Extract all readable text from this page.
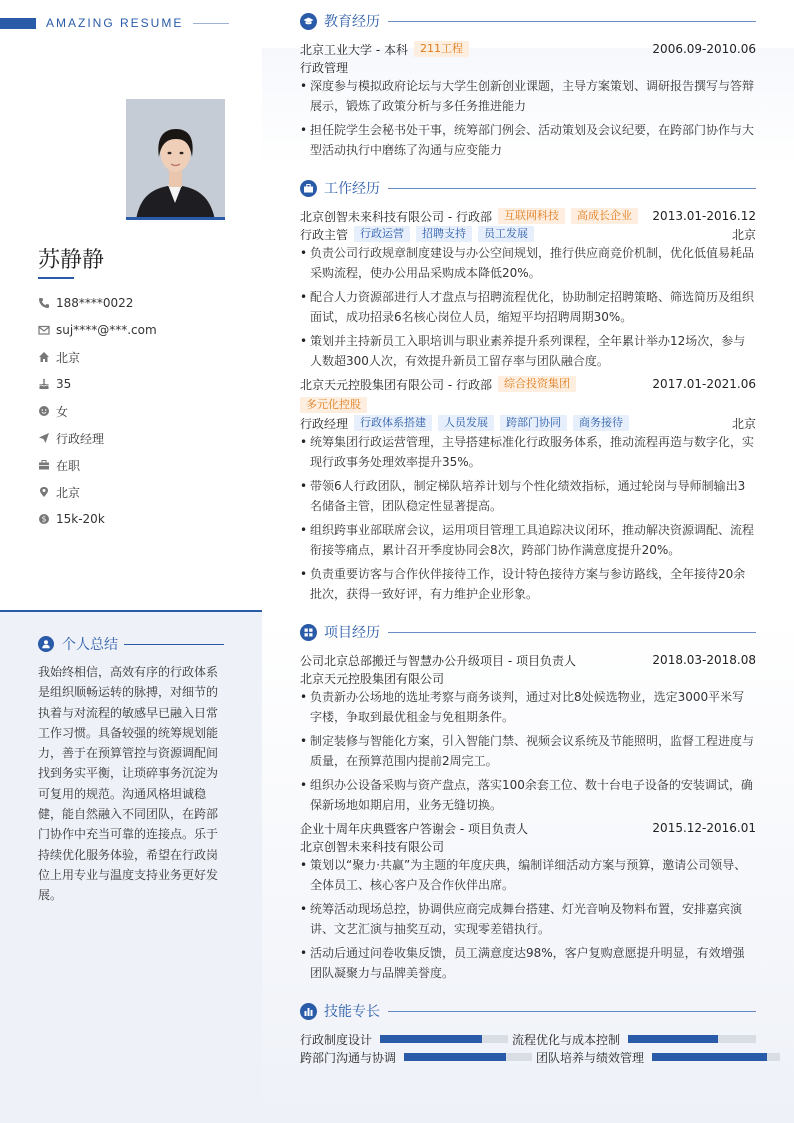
AMAZING RESUME
苏静静
188****0022
suj****@***.com
北京
35
女
行政经理
在职
北京
$ 15k-20k
个人总结
我始终相信，高效有序的行政体系是组织顺畅运转的脉搏，对细节的执着与对流程的敏感早已融入日常工作习惯。具备较强的统筹规划能力，善于在预算管控与资源调配间找到务实平衡，让琐碎事务沉淀为可复用的规范。沟通风格坦诚稳健，能自然融入不同团队，在跨部门协作中充当可靠的连接点。乐于持续优化服务体验，希望在行政岗位上用专业与温度支持业务更好发展。
教育经历
北京工业大学 - 本科	211工程	2006.09-2010.06
行政管理
• 深度参与模拟政府论坛与大学生创新创业课题，主导方案策划、调研报告撰写与答辩展示，锻炼了政策分析与多任务推进能力
• 担任院学生会秘书处干事，统筹部门例会、活动策划及会议纪要，在跨部门协作与大型活动执行中磨练了沟通与应变能力
工作经历
北京创智未来科技有限公司 - 行政部	互联网科技	高成长企业	2013.01-2016.12
行政主管	行政运营	招聘支持	员工发展	北京
• 负责公司行政规章制度建设与办公空间规划，推行供应商竞价机制，优化低值易耗品采购流程，使办公用品采购成本降低20%。
• 配合人力资源部进行人才盘点与招聘流程优化，协助制定招聘策略、筛选简历及组织面试，成功招录6名核心岗位人员，缩短平均招聘周期30%。
• 策划并主持新员工入职培训与职业素养提升系列课程，全年累计举办12场次，参与人数超300人次，有效提升新员工留存率与团队融合度。
北京天元控股集团有限公司 - 行政部	综合投资集团	2017.01-2021.06
多元化控股
行政经理	行政体系搭建	人员发展	跨部门协同	商务接待	北京
• 统筹集团行政运营管理，主导搭建标准化行政服务体系，推动流程再造与数字化，实现行政事务处理效率提升35%。
• 带领6人行政团队，制定梯队培养计划与个性化绩效指标，通过轮岗与导师制输出3名储备主管，团队稳定性显著提高。
• 组织跨事业部联席会议，运用项目管理工具追踪决议闭环，推动解决资源调配、流程衔接等痛点，累计召开季度协同会8次，跨部门协作满意度提升20%。
• 负责重要访客与合作伙伴接待工作，设计特色接待方案与参访路线，全年接待20余批次，获得一致好评，有力维护企业形象。
项目经历
公司北京总部搬迁与智慧办公升级项目 - 项目负责人	2018.03-2018.08
北京天元控股集团有限公司
• 负责新办公场地的选址考察与商务谈判，通过对比8处候选物业，选定3000平米写字楼，争取到最优租金与免租期条件。
• 制定装修与智能化方案，引入智能门禁、视频会议系统及节能照明，监督工程进度与质量，在预算范围内提前2周完工。
• 组织办公设备采购与资产盘点，落实100余套工位、数十台电子设备的安装调试，确保新场地如期启用，业务无缝切换。
企业十周年庆典暨客户答谢会 - 项目负责人	2015.12-2016.01
北京创智未来科技有限公司
• 策划以“聚力·共赢”为主题的年度庆典，编制详细活动方案与预算，邀请公司领导、全体员工、核心客户及合作伙伴出席。
• 统筹活动现场总控，协调供应商完成舞台搭建、灯光音响及物料布置，安排嘉宾演讲、文艺汇演与抽奖互动，实现零差错执行。
• 活动后通过问卷收集反馈，员工满意度达98%，客户复购意愿提升明显，有效增强团队凝聚力与品牌美誉度。
技能专长
行政制度设计	流程优化与成本控制
跨部门沟通与协调	团队培养与绩效管理
